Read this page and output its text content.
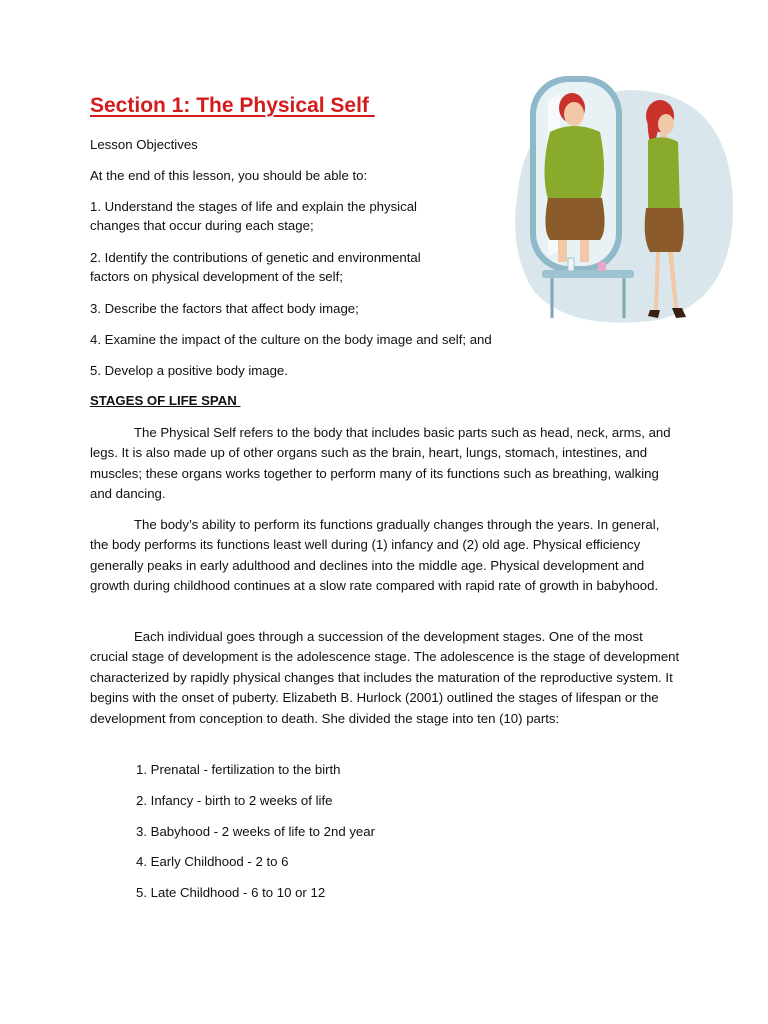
Section 1: The Physical Self
Lesson Objectives
At the end of this lesson, you should be able to:
1. Understand the stages of life and explain the physical
changes that occur during each stage;
2. Identify the contributions of genetic and environmental
factors on physical development of the self;
3. Describe the factors that affect body image;
4. Examine the impact of the culture on the body image and self; and
5. Develop a positive body image.
STAGES OF LIFE SPAN

The Physical Self refers to the body that includes basic parts such as head, neck, arms, and legs. It is also made up of other organs such as the brain, heart, lungs, stomach, intestines, and muscles; these organs works together to perform many of its functions such as breathing, walking and dancing.

The body’s ability to perform its functions gradually changes through the years. In general, the body performs its functions least well during (1) infancy and (2) old age. Physical efficiency generally peaks in early adulthood and declines into the middle age. Physical development and growth during childhood continues at a slow rate compared with rapid rate of growth in babyhood.

Each individual goes through a succession of the development stages. One of the most crucial stage of development is the adolescence stage. The adolescence is the stage of development characterized by rapidly physical changes that includes the maturation of the reproductive system. It begins with the onset of puberty. Elizabeth B. Hurlock (2001) outlined the stages of lifespan or the development from conception to death. She divided the stage into ten (10) parts:

1. Prenatal - fertilization to the birth
2. Infancy - birth to 2 weeks of life
3. Babyhood - 2 weeks of life to 2nd year
4. Early Childhood - 2 to 6
5. Late Childhood - 6 to 10 or 12
